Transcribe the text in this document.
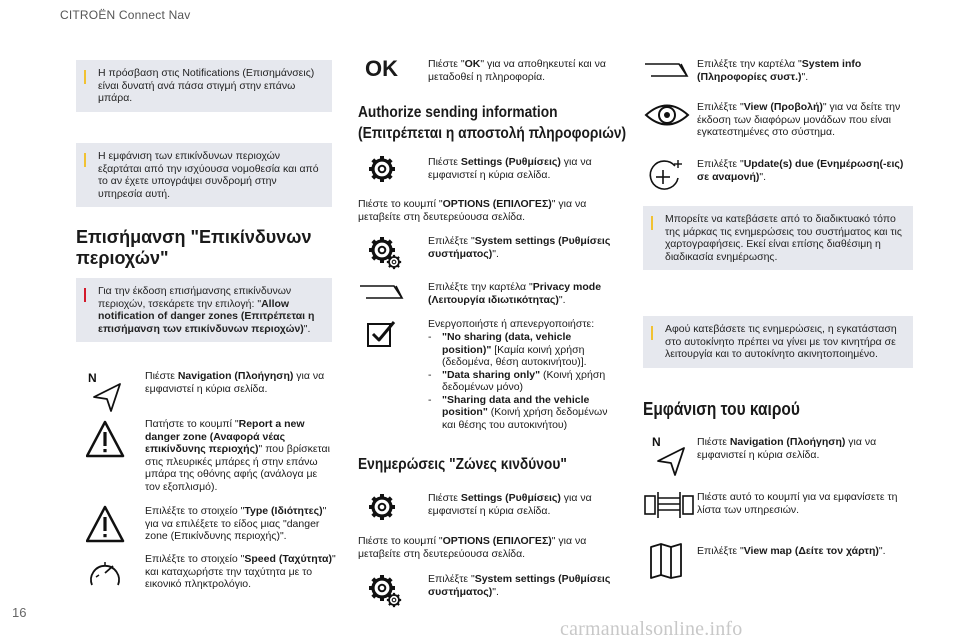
CITROËN Connect Nav
Η πρόσβαση στις Notifications (Επισημάνσεις) είναι δυνατή ανά πάσα στιγμή στην επάνω μπάρα.
Η εμφάνιση των επικίνδυνων περιοχών εξαρτάται από την ισχύουσα νομοθεσία και από το αν έχετε υπογράψει συνδρομή στην υπηρεσία αυτή.
Επισήμανση "Επικίνδυνων περιοχών"
Για την έκδοση επισήμανσης επικίνδυνων περιοχών, τσεκάρετε την επιλογή: "Allow notification of danger zones (Επιτρέπεται η επισήμανση των επικίνδυνων περιοχών)".
Πιέστε Navigation (Πλοήγηση) για να εμφανιστεί η κύρια σελίδα.
Πατήστε το κουμπί "Report a new danger zone (Αναφορά νέας επικίνδυνης περιοχής)" που βρίσκεται στις πλευρικές μπάρες ή στην επάνω μπάρα της οθόνης αφής (ανάλογα με τον εξοπλισμό).
Επιλέξτε το στοιχείο "Type (Ιδιότητες)" για να επιλέξετε το είδος μιας "danger zone (Επικίνδυνης περιοχής)".
Επιλέξτε το στοιχείο "Speed (Ταχύτητα)" και καταχωρήστε την ταχύτητα με το εικονικό πληκτρολόγιο.
16
OK	Πιέστε "OK" για να αποθηκευτεί και να μεταδοθεί η πληροφορία.
Authorize sending information
(Επιτρέπεται η αποστολή πληροφοριών)
Πιέστε Settings (Ρυθμίσεις) για να εμφανιστεί η κύρια σελίδα.
Πιέστε το κουμπί "OPTIONS (ΕΠΙΛΟΓΕΣ)" για να μεταβείτε στη δευτερεύουσα σελίδα.
Επιλέξτε "System settings (Ρυθμίσεις συστήματος)".
Επιλέξτε την καρτέλα "Privacy mode (Λειτουργία ιδιωτικότητας)".
Ενεργοποιήστε ή απενεργοποιήστε:
- "No sharing (data, vehicle position)" [Καμία κοινή χρήση (δεδομένα, θέση αυτοκινήτου)].
- "Data sharing only" (Κοινή χρήση δεδομένων μόνο)
- "Sharing data and the vehicle position" (Κοινή χρήση δεδομένων και θέσης του αυτοκινήτου)
Ενημερώσεις "Ζώνες κινδύνου"
Πιέστε Settings (Ρυθμίσεις) για να εμφανιστεί η κύρια σελίδα.
Πιέστε το κουμπί "OPTIONS (ΕΠΙΛΟΓΕΣ)" για να μεταβείτε στη δευτερεύουσα σελίδα.
Επιλέξτε "System settings (Ρυθμίσεις συστήματος)".
Επιλέξτε την καρτέλα "System info (Πληροφορίες συστ.)".
Επιλέξτε "View (Προβολή)" για να δείτε την έκδοση των διαφόρων μονάδων που είναι εγκατεστημένες στο σύστημα.
Επιλέξτε "Update(s) due (Ενημέρωση(-εις) σε αναμονή)".
Μπορείτε να κατεβάσετε από το διαδικτυακό τόπο της μάρκας τις ενημερώσεις του συστήματος και τις χαρτογραφήσεις. Εκεί είναι επίσης διαθέσιμη η διαδικασία ενημέρωσης.
Αφού κατεβάσετε τις ενημερώσεις, η εγκατάσταση στο αυτοκίνητο πρέπει να γίνει με τον κινητήρα σε λειτουργία και το αυτοκίνητο ακινητοποιημένο.
Εμφάνιση του καιρού
Πιέστε Navigation (Πλοήγηση) για να εμφανιστεί η κύρια σελίδα.
Πιέστε αυτό το κουμπί για να εμφανίσετε τη λίστα των υπηρεσιών.
Επιλέξτε "View map (Δείτε τον χάρτη)".
carmanualsonline.info
